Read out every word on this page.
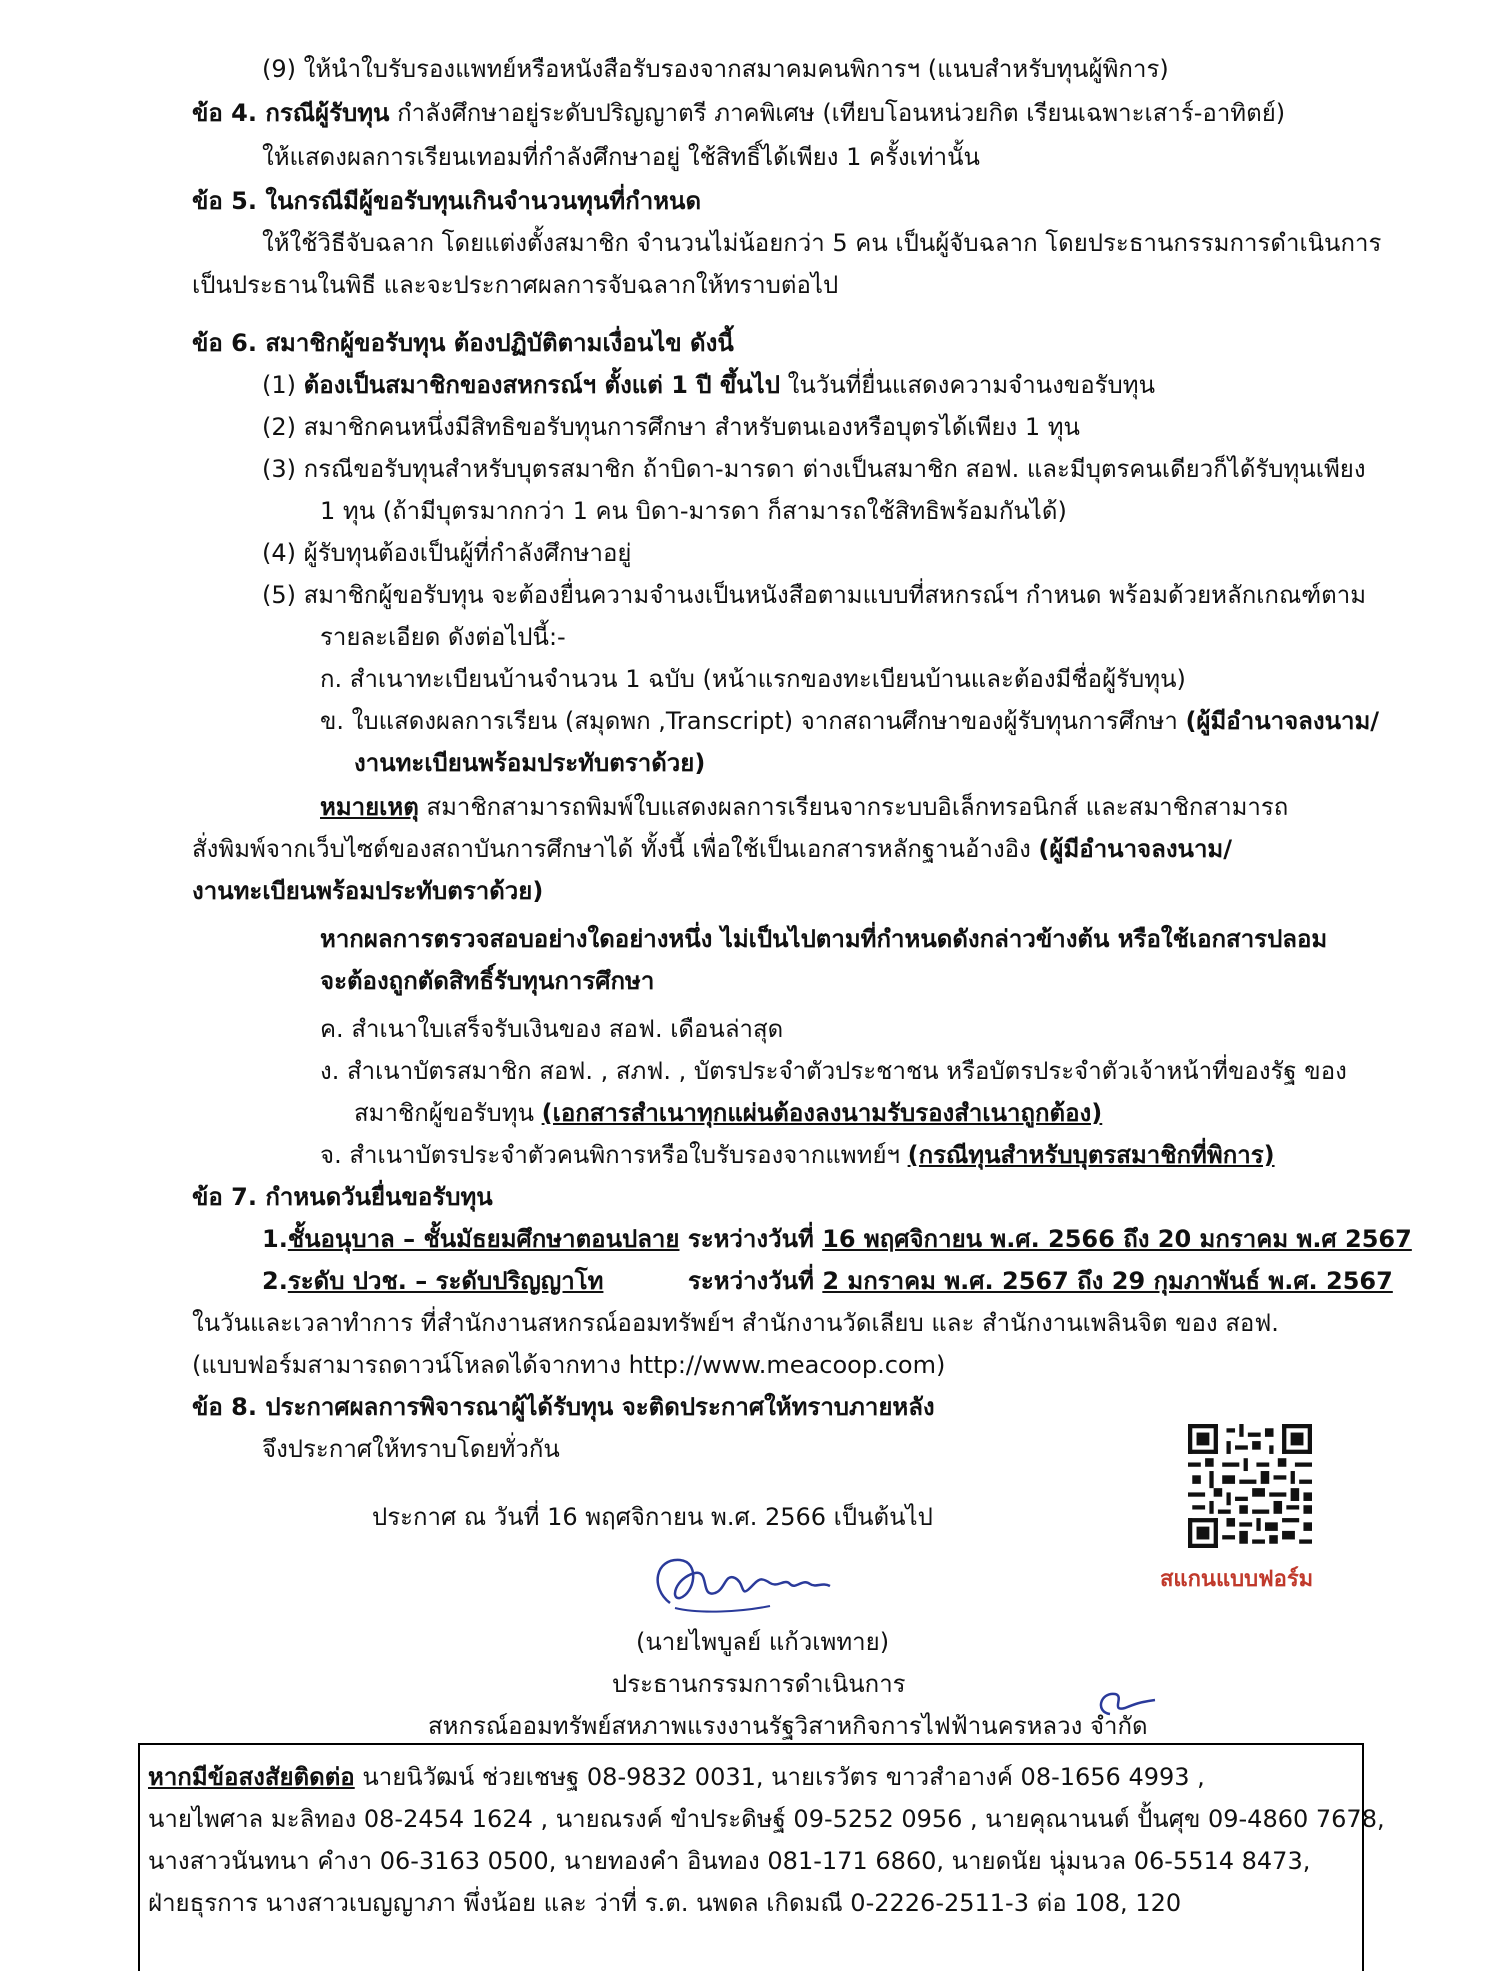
(9) ให้นำใบรับรองแพทย์หรือหนังสือรับรองจากสมาคมคนพิการฯ (แนบสำหรับทุนผู้พิการ)
ข้อ 4. กรณีผู้รับทุน กำลังศึกษาอยู่ระดับปริญญาตรี ภาคพิเศษ (เทียบโอนหน่วยกิต เรียนเฉพาะเสาร์-อาทิตย์)
ให้แสดงผลการเรียนเทอมที่กำลังศึกษาอยู่ ใช้สิทธิ์ได้เพียง 1 ครั้งเท่านั้น
ข้อ 5. ในกรณีมีผู้ขอรับทุนเกินจำนวนทุนที่กำหนด
ให้ใช้วิธีจับฉลาก โดยแต่งตั้งสมาชิก จำนวนไม่น้อยกว่า 5 คน เป็นผู้จับฉลาก โดยประธานกรรมการดำเนินการ
เป็นประธานในพิธี และจะประกาศผลการจับฉลากให้ทราบต่อไป
ข้อ 6. สมาชิกผู้ขอรับทุน ต้องปฏิบัติตามเงื่อนไข ดังนี้
(1) ต้องเป็นสมาชิกของสหกรณ์ฯ ตั้งแต่ 1 ปี ขึ้นไป ในวันที่ยื่นแสดงความจำนงขอรับทุน
(2) สมาชิกคนหนึ่งมีสิทธิขอรับทุนการศึกษา สำหรับตนเองหรือบุตรได้เพียง 1 ทุน
(3) กรณีขอรับทุนสำหรับบุตรสมาชิก ถ้าบิดา-มารดา ต่างเป็นสมาชิก สอฟ. และมีบุตรคนเดียวก็ได้รับทุนเพียง
1 ทุน (ถ้ามีบุตรมากกว่า 1 คน บิดา-มารดา ก็สามารถใช้สิทธิพร้อมกันได้)
(4) ผู้รับทุนต้องเป็นผู้ที่กำลังศึกษาอยู่
(5) สมาชิกผู้ขอรับทุน จะต้องยื่นความจำนงเป็นหนังสือตามแบบที่สหกรณ์ฯ กำหนด พร้อมด้วยหลักเกณฑ์ตาม
รายละเอียด ดังต่อไปนี้:-
ก. สำเนาทะเบียนบ้านจำนวน 1 ฉบับ (หน้าแรกของทะเบียนบ้านและต้องมีชื่อผู้รับทุน)
ข. ใบแสดงผลการเรียน (สมุดพก ,Transcript) จากสถานศึกษาของผู้รับทุนการศึกษา (ผู้มีอำนาจลงนาม/
งานทะเบียนพร้อมประทับตราด้วย)
หมายเหตุ สมาชิกสามารถพิมพ์ใบแสดงผลการเรียนจากระบบอิเล็กทรอนิกส์ และสมาชิกสามารถ
สั่งพิมพ์จากเว็บไซต์ของสถาบันการศึกษาได้ ทั้งนี้ เพื่อใช้เป็นเอกสารหลักฐานอ้างอิง (ผู้มีอำนาจลงนาม/
งานทะเบียนพร้อมประทับตราด้วย)
หากผลการตรวจสอบอย่างใดอย่างหนึ่ง ไม่เป็นไปตามที่กำหนดดังกล่าวข้างต้น หรือใช้เอกสารปลอม
จะต้องถูกตัดสิทธิ์รับทุนการศึกษา
ค. สำเนาใบเสร็จรับเงินของ สอฟ. เดือนล่าสุด
ง. สำเนาบัตรสมาชิก สอฟ. , สภฟ. , บัตรประจำตัวประชาชน หรือบัตรประจำตัวเจ้าหน้าที่ของรัฐ ของ
สมาชิกผู้ขอรับทุน (เอกสารสำเนาทุกแผ่นต้องลงนามรับรองสำเนาถูกต้อง)
จ. สำเนาบัตรประจำตัวคนพิการหรือใบรับรองจากแพทย์ฯ (กรณีทุนสำหรับบุตรสมาชิกที่พิการ)
ข้อ 7. กำหนดวันยื่นขอรับทุน
1.ชั้นอนุบาล – ชั้นมัธยมศึกษาตอนปลาย ระหว่างวันที่ 16 พฤศจิกายน พ.ศ. 2566 ถึง 20 มกราคม พ.ศ 2567
2.ระดับ ปวช. – ระดับปริญญาโท	ระหว่างวันที่ 2 มกราคม พ.ศ. 2567 ถึง 29 กุมภาพันธ์ พ.ศ. 2567
ในวันและเวลาทำการ ที่สำนักงานสหกรณ์ออมทรัพย์ฯ สำนักงานวัดเลียบ และ สำนักงานเพลินจิต ของ สอฟ.
(แบบฟอร์มสามารถดาวน์โหลดได้จากทาง http://www.meacoop.com)
ข้อ 8. ประกาศผลการพิจารณาผู้ได้รับทุน จะติดประกาศให้ทราบภายหลัง
จึงประกาศให้ทราบโดยทั่วกัน
ประกาศ ณ วันที่ 16 พฤศจิกายน พ.ศ. 2566 เป็นต้นไป
สแกนแบบฟอร์ม
(นายไพบูลย์ แก้วเพทาย)
ประธานกรรมการดำเนินการ
สหกรณ์ออมทรัพย์สหภาพแรงงานรัฐวิสาหกิจการไฟฟ้านครหลวง จำกัด
หากมีข้อสงสัยติดต่อ นายนิวัฒน์ ช่วยเชษฐ 08-9832 0031, นายเรวัตร ขาวสำอางค์ 08-1656 4993 ,
นายไพศาล มะลิทอง 08-2454 1624 , นายณรงค์ ขำประดิษฐ์ 09-5252 0956 , นายคุณานนต์ ปั้นศุข 09-4860 7678,
นางสาวนันทนา คำงา 06-3163 0500, นายทองคำ อินทอง 081-171 6860, นายดนัย นุ่มนวล 06-5514 8473,
ฝ่ายธุรการ นางสาวเบญญาภา พึ่งน้อย และ ว่าที่ ร.ต. นพดล เกิดมณี 0-2226-2511-3 ต่อ 108, 120
